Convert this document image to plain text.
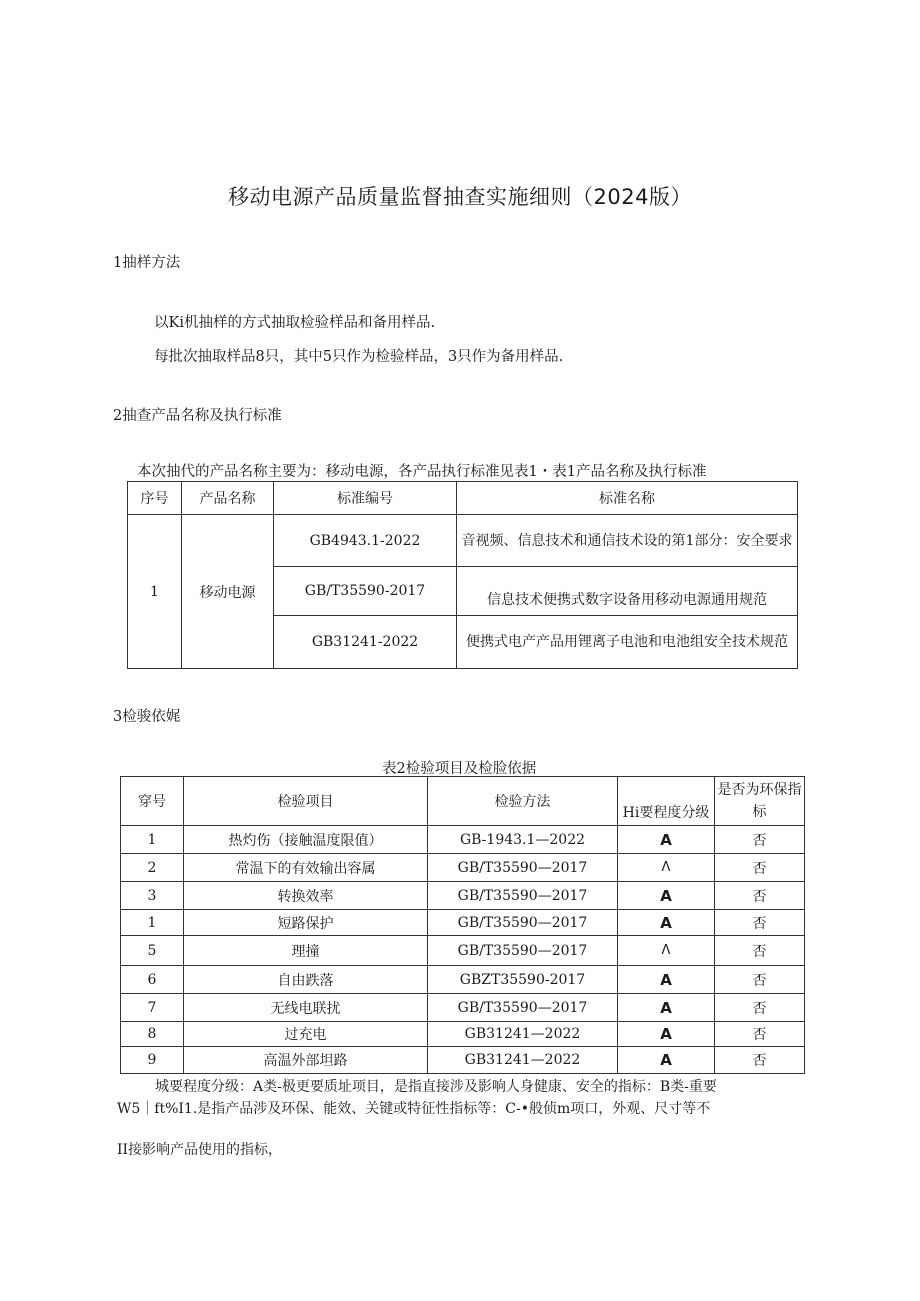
移动电源产品质量监督抽查实施细则（2024版）
1抽样方法
以Ki机抽样的方式抽取检验样品和备用样品.
每批次抽取样品8只，其中5只作为检验样品，3只作为备用样品.
2抽查产品名称及执行标准
本次抽代的产品名称主要为：移动电源，各产品执行标准见表1・表1产品名称及执行标准
序号	产品名称	标准编号	标准名称
1	移动电源	GB4943.1-2022	音视频、信息技术和通信技术设的第1部分：安全要求
		GB/T35590-2017	信息技术便携式数字设备用移动电源通用规范
		GB31241-2022	便携式电产产品用锂离子电池和电池组安全技术规范
3检骏依娓
表2检验项目及检脸依据
穿号	检验项目	检验方法	Hi要程度分级	是否为环保指标
1	热灼伤（接触温度限值）	GB-1943.1—2022	A	否
2	常温下的有效输出容属	GB/T35590—2017	Λ	否
3	转换效率	GB/T35590—2017	A	否
1	短路保护	GB/T35590—2017	A	否
5	理撞	GB/T35590—2017	Λ	否
6	自由跌落	GBZT35590-2017	A	否
7	无线电联扰	GB/T35590—2017	A	否
8	过充电	GB31241—2022	A	否
9	高温外部坦路	GB31241—2022	A	否
城要程度分级：A类-极更要质址项目，是指直接涉及影响人身健康、安全的指标：B类-重要
W5｜ft%I1.是指产品涉及环保、能效、关键或特征性指标等：C-•般侦m项口，外观、尺寸等不
II接影响产品使用的指标，
